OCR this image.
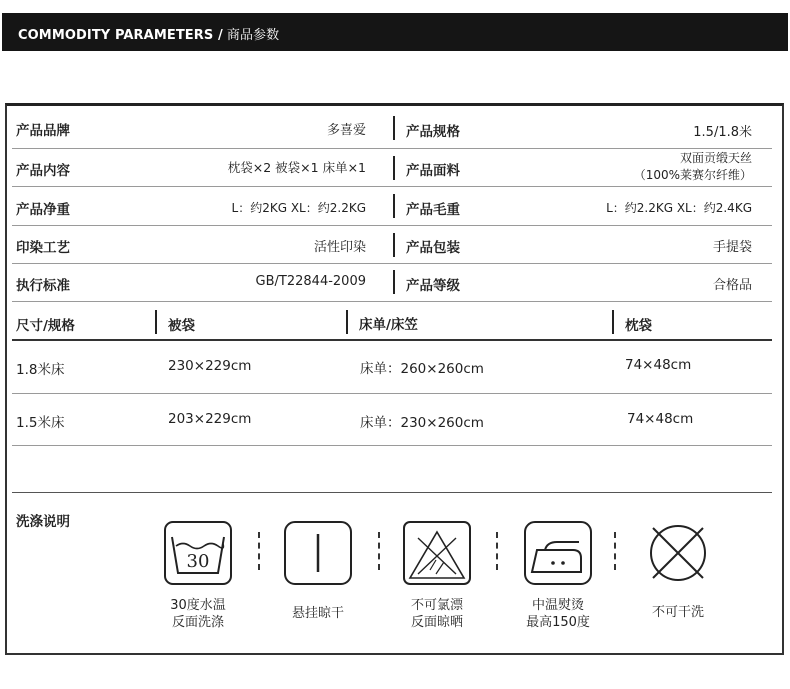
COMMODITY PARAMETERS / 商品参数
产品品牌	多喜爱	产品规格	1.5/1.8米
产品内容	枕袋×2 被袋×1 床单×1	产品面料
双面贡缎天丝
（100%莱赛尔纤维）
产品净重	L：约2KG XL：约2.2KG	产品毛重	L：约2.2KG XL：约2.4KG
印染工艺	活性印染	产品包装	手提袋
执行标准	GB/T22844-2009	产品等级	合格品
尺寸/规格	被袋	床单/床笠	枕袋
1.8米床	230×229cm	床单：260×260cm	74×48cm
1.5米床	203×229cm	床单：230×260cm	74×48cm
洗涤说明
30
30度水温
反面洗涤
悬挂晾干
不可氯漂
反面晾晒
中温熨烫
最高150度
不可干洗
